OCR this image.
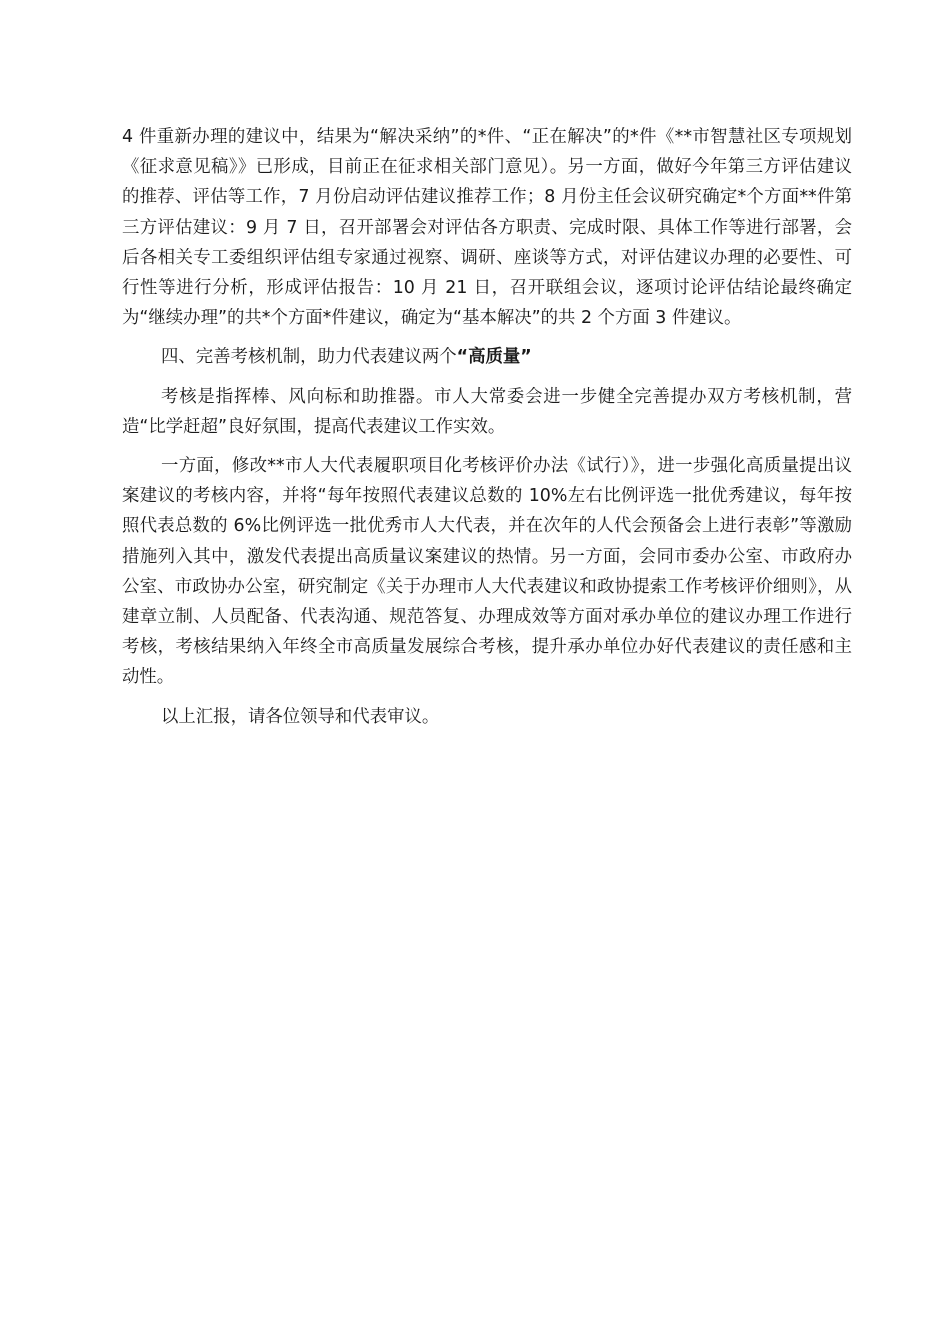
4 件重新办理的建议中，结果为“解决采纳”的*件、“正在解决”的*件《**市智慧社区专项规划《征求意见稿》》已形成，目前正在征求相关部门意见）。另一方面，做好今年第三方评估建议的推荐、评估等工作，7 月份启动评估建议推荐工作；8 月份主任会议研究确定*个方面**件第三方评估建议：9 月 7 日，召开部署会对评估各方职责、完成时限、具体工作等进行部署，会后各相关专工委组织评估组专家通过视察、调研、座谈等方式，对评估建议办理的必要性、可行性等进行分析，形成评估报告：10 月 21 日，召开联组会议，逐项讨论评估结论最终确定为“继续办理”的共*个方面*件建议，确定为“基本解决”的共 2 个方面 3 件建议。

四、完善考核机制，助力代表建议两个“高质量”

考核是指挥棒、风向标和助推器。市人大常委会进一步健全完善提办双方考核机制，营造“比学赶超”良好氛围，提高代表建议工作实效。

一方面，修改**市人大代表履职项目化考核评价办法《试行）》，进一步强化高质量提出议案建议的考核内容，并将“每年按照代表建议总数的 10%左右比例评选一批优秀建议，每年按照代表总数的 6%比例评选一批优秀市人大代表，并在次年的人代会预备会上进行表彰”等激励措施列入其中，激发代表提出高质量议案建议的热情。另一方面，会同市委办公室、市政府办公室、市政协办公室，研究制定《关于办理市人大代表建议和政协提索工作考核评价细则》，从建章立制、人员配备、代表沟通、规范答复、办理成效等方面对承办单位的建议办理工作进行考核，考核结果纳入年终全市高质量发展综合考核，提升承办单位办好代表建议的责任感和主动性。

以上汇报，请各位领导和代表审议。
